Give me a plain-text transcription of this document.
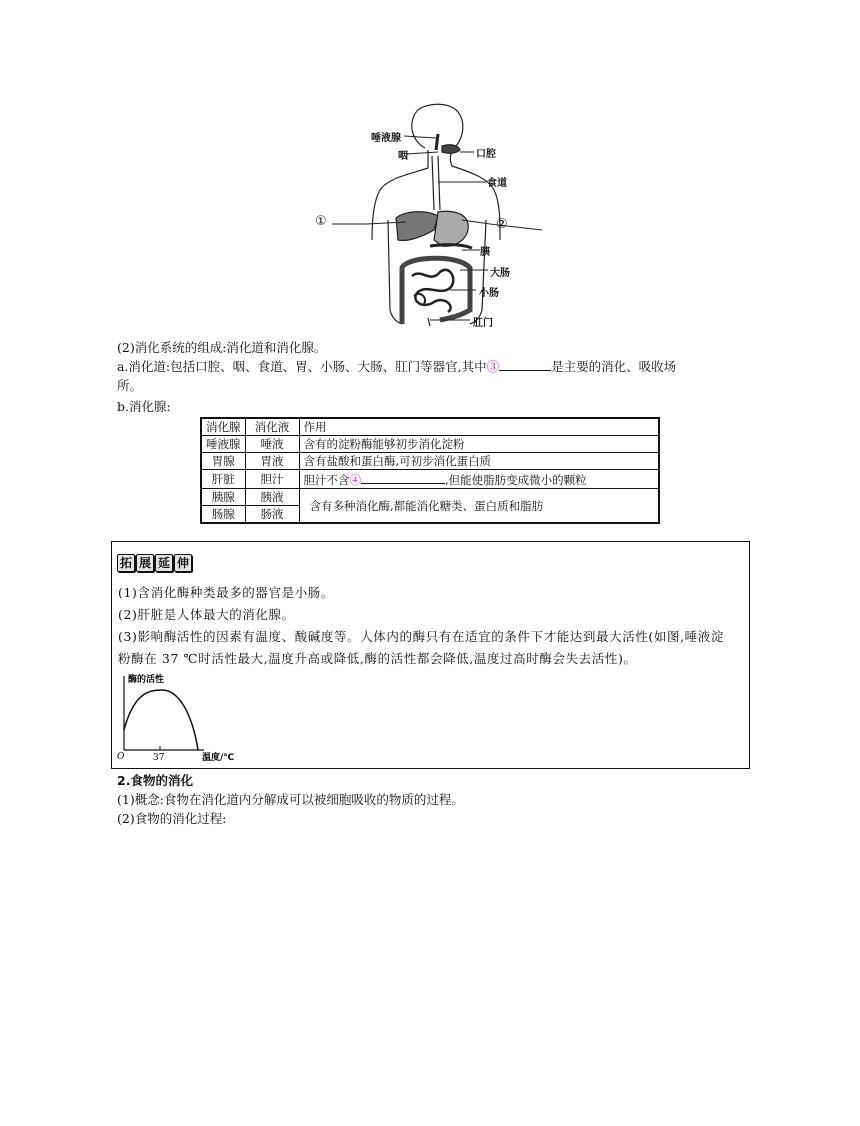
唾液腺
咽	口腔
食道
①	②
胰
大肠
小肠
肛门
(2)消化系统的组成:消化道和消化腺。
a.消化道:包括口腔、咽、食道、胃、小肠、大肠、肛门等器官,其中③	是主要的消化、吸收场
所。
b.消化腺:
消化腺	消化液	作用
唾液腺	唾液	含有的淀粉酶能够初步消化淀粉
胃腺	胃液	含有盐酸和蛋白酶,可初步消化蛋白质
肝脏	胆汁	胆汁不含④ ,但能使脂肪变成微小的颗粒
胰腺	胰液	含有多种消化酶,都能消化糖类、蛋白质和脂肪
肠腺	肠液	
拓 展 延 伸
(1)含消化酶种类最多的器官是小肠。
(2)肝脏是人体最大的消化腺。
(3)影响酶活性的因素有温度、酸碱度等。人体内的酶只有在适宜的条件下才能达到最大活性(如图,唾液淀
粉酶在 37 ℃时活性最大,温度升高或降低,酶的活性都会降低,温度过高时酶会失去活性)。
酶的活性
O	37	温度/℃
2.食物的消化
(1)概念:食物在消化道内分解成可以被细胞吸收的物质的过程。
(2)食物的消化过程:
